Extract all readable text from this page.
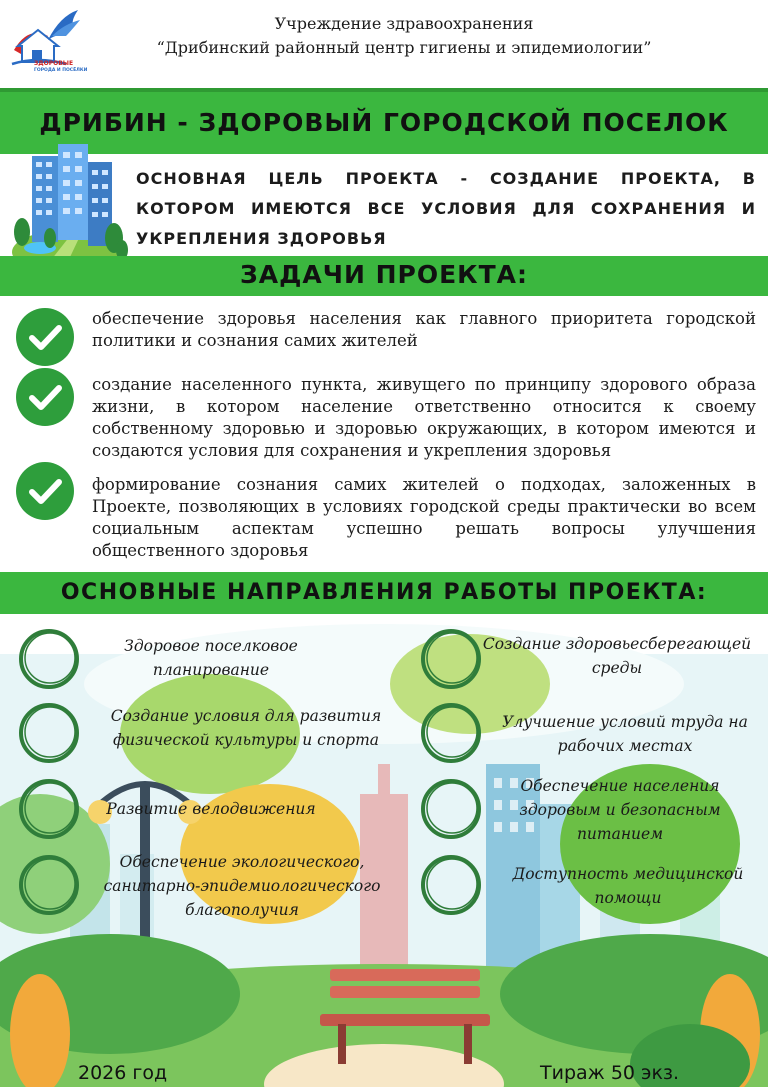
ЗДОРОВЫЕ
ГОРОДА И ПОСЁЛКИ
Учреждение здравоохранения
“Дрибинский районный центр гигиены и эпидемиологии”
ДРИБИН - ЗДОРОВЫЙ ГОРОДСКОЙ ПОСЕЛОК
ОСНОВНАЯ ЦЕЛЬ ПРОЕКТА - СОЗДАНИЕ ПРОЕКТА, В КОТОРОМ ИМЕЮТСЯ ВСЕ УСЛОВИЯ ДЛЯ СОХРАНЕНИЯ И УКРЕПЛЕНИЯ ЗДОРОВЬЯ
ЗАДАЧИ ПРОЕКТА:
обеспечение здоровья населения как главного приоритета городской политики и сознания самих жителей
создание населенного пункта, живущего по принципу здорового образа жизни, в котором население ответственно относится к своему собственному здоровью и здоровью окружающих, в котором имеются и создаются условия для сохранения и укрепления здоровья
формирование сознания самих жителей о подходах, заложенных в Проекте, позволяющих в условиях городской среды практически во всем социальным аспектам успешно решать вопросы улучшения общественного здоровья
ОСНОВНЫЕ НАПРАВЛЕНИЯ РАБОТЫ ПРОЕКТА:
Здоровое поселковое планирование
Создание условия для развития физической культуры и спорта
Развитие велодвижения
Обеспечение экологического, санитарно-эпидемиологического благополучия
Создание здоровьесберегающей среды
Улучшение условий труда на рабочих местах
Обеспечение населения здоровым и безопасным питанием
Доступность медицинской помощи
2026 год	Тираж 50 экз.
